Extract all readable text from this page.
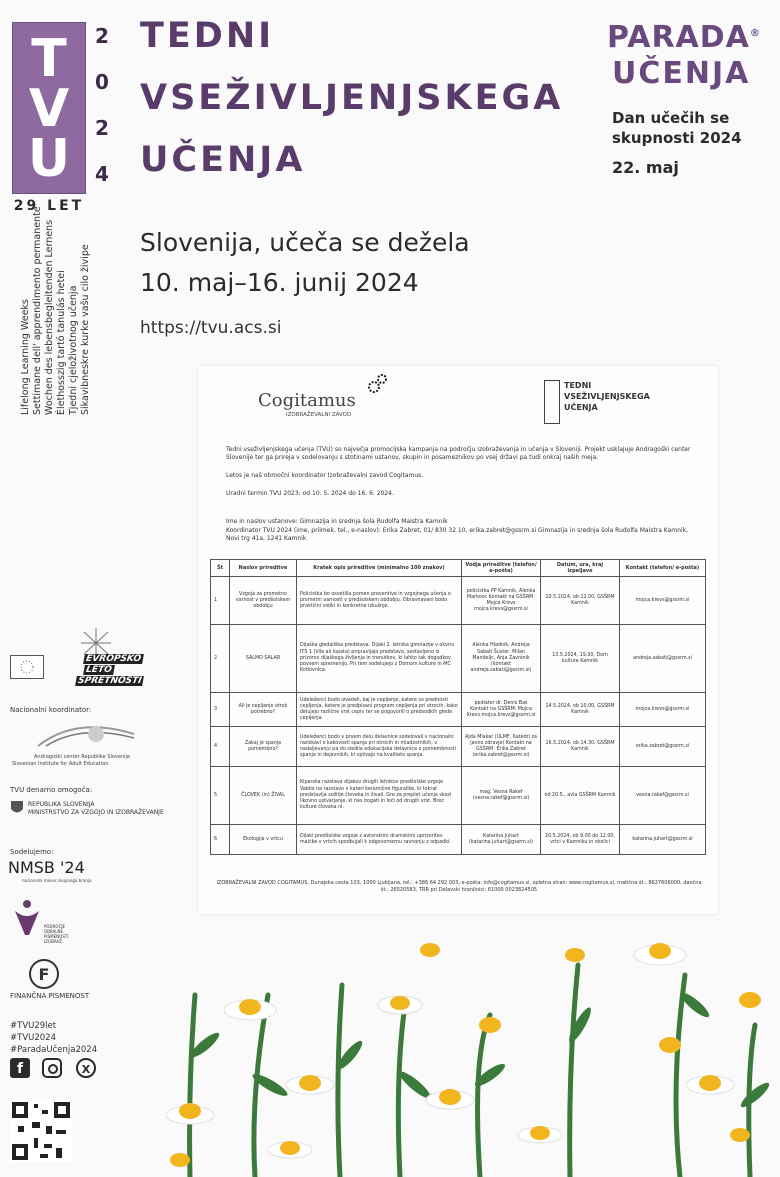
T
V
U
2
0
2
4
29 LET
Lifelong Learning Weeks Settimane dell' apprendimento permanente Wochen des lebensbegleitenden Lernens Élethosszig tartó tanulás hetei Tjedni cjeloživotnog učenja Sikavibneskre kurke vašu cilo živipe
TEDNI
VSEŽIVLJENJSKEGA
UČENJA
Slovenija, učeča se dežela
10. maj–16. junij 2024
https://tvu.acs.si
PARADA®
UČENJA
Dan učečih se
skupnosti 2024
22. maj
Cogitamus
IZOBRAŽEVALNI ZAVOD
TEDNI
VSEŽIVLJENJSKEGA
UČENJA
Tedni vseživljenjskega učenja (TVU) so največja promocijska kampanja na področju izobraževanja in učenja v Sloveniji. Projekt usklajuje Andragoški center Slovenije ter ga prireja v sodelovanju s stotinami ustanov, skupin in posameznikov po vsej državi pa tudi onkraj naših meja.
Letos je naš območni koordinator Izobraževalni zavod Cogitamus.
Uradni termin TVU 2023: od 10. 5. 2024 do 16. 6. 2024.
Ime in naslov ustanove: Gimnazija in srednja šola Rudolfa Maistra Kamnik
Koordinator TVU 2024 (ime, priimek, tel., e-naslov): Erika Zabret, 01/ 830 32 10, erika.zabret@gssrm.si Gimnazija in srednja šola Rudolfa Maistra Kamnik, Novi trg 41a, 1241 Kamnik
Št	Naslov prireditve	Kratek opis prireditve (minimalno 100 znakov)	Vodja prireditve (telefon/ e-pošta)	Datum, ura, kraj izpeljave	Kontakt (telefon/ e-pošta)
1	Vzgoja za prometno varnost v predšolskem obdobju	Policistka bo osvetlila pomen preventive in vzgojnega učenja o prometni varnosti v predšolskem obdobju. Obravnavani bodo praktični vidiki in konkretne izkušnje.	policistka PP Kamnik, Alenka Markovc Kontakt na GSŠRM: Mojca Krevs mojca.krevs@gssrm.si	10.5.2024, ob 12.00, GSŠRM Kamnik	mojca.krevs@gssrm.si
2	SALMO SALAR	Dijaška gledališka predstava. Dijaki 2. letnika gimnazije v okviru ITS 1 (Vile ali lopata) pripravljajo predstavo, sestavljeno iz prizorov dijaškega življenja in trenutkov, ki lahko tak dogodkov povsem spremenijo. Pri tem sodelujejo z Domom kulture in MC Kotlovnica.	Alenka Hladnik, Andreja Sabati Šuster, Milan Mandeljc, Anja Završnik (kontakt andreja.sabati@gssrm.si)	13.5.2024, 19.30, Dom kulture Kamnik	andreja.sabati@gssrm.si
3	Ali je cepljenje otrok potrebno?	Udeleženci bodo izvedeli, kaj je cepljenje, katere so prednosti cepljenja, katere je predpisani program cepljenja pri otrocih, kako delujejo različne vrst cepiv ter se pogovorili o predsodkih glede cepljenja.	pediater dr. Denis Baš Kontakt na GSŠRM: Mojca Krevs mojca.krevs@gssrm.si	14.5.2024, ob 10.00, GSŠRM Kamnik	mojca.krevs@gssrm.si
4	Zakaj je spanje pomembno?	Udeleženci bodo v prvem delu delavnice sodelovali v nacionalni raziskavi o kakovosti spanja pri otrocih in mladostnikih, v nadaljevanju pa do sledila edukacijska delavnica o pomembnosti spanja in dejavnikih, ki vplivajo na kvaliteto spanja.	Ajda Mlakar (ULMF, Katedri za javno zdravje) Kontakt na GSŠRM: Erika Zabret (erika.zabret@gssrm.si)	16.5.2024, ob 14.30, GSŠRM Kamnik	erika.zabret@gssrm.si
5	ČLOVEK (in) ŽIVAL	Kiparska razstava dijakov drugih letnikov predšolske vzgoje Vabilo na razstavo v kateri keramične figuralike, ki tokrat predstavlja sožitje človeka in živali. Gre za preplet učenja skozi likovno ustvarjanje, ki nas bogati in loči od drugih vrst. Brez kulture človeka ni.	mag. Vesna Rakef (vesna.rakef@gssrm.si)	od 20.5., avla GSŠRM Kamnik	vesna.rakef@gssrm.si
6	Ekologija v vrtcu	Dijaki predšolske vzgoje z avtorskimi dramskimi uprizoritev malčke v vrtcih spodbujali k odgovornemu ravnanju z odpadki.	Katarina Juhart (katarina.juhart@gssrm.si)	20.5.2024, ob 9.00 do 12.00, vrtci v Kamniku in okolici	katarina.juhart@gssrm.si
IZOBRAŽEVALNI ZAVOD COGITAMUS, Dunajska cesta 103, 1000 Ljubljana, tel.: +386 64 292 003, e-pošta: info@cogitamus.si, spletna stran: www.cogitamus.si, matična št.: 8627606000, davčna št.: 26520583, TRR pri Delavski hranilnici: 61000 0023824505
EVROPSKO
LETO
SPRETNOSTI
Nacionalni koordinator:
Andragoški center Republike Slovenije
Slovenian Institute for Adult Education
TVU denarno omogoča:
REPUBLIKA SLOVENIJA
MINISTRSTVO ZA VZGOJO IN IZOBRAŽEVANJE
Sodelujemo:
NMSB '24
nacionalni mesec skupnega branja
PODROČJE
OBRALNE
PISMENOSTI
IZOBRAŽ.
F
FINANČNA PISMENOST
#TVU29let
#TVU2024
#ParadaUčenja2024
f	X
